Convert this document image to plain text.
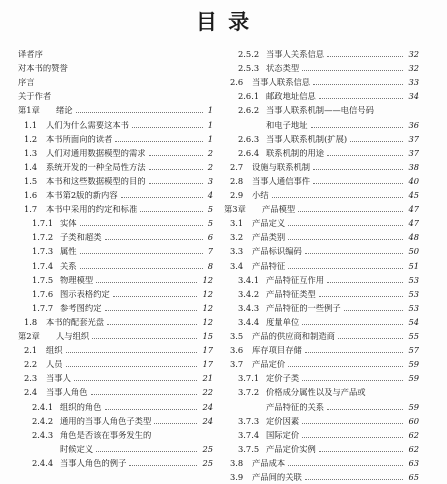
目 录
译者序
对本书的赞誉
序言
关于作者
第1章 绪论	1
1.1 人们为什么需要这本书	1
1.2 本书所面向的读者	1
1.3 人们对通用数据模型的需求	2
1.4 系统开发的一种全局性方法	2
1.5 本书和这些数据模型的目的	3
1.6 本书第2版的新内容	4
1.7 本书中采用的约定和标准	5
1.7.1 实体	5
1.7.2 子类和超类	6
1.7.3 属性	7
1.7.4 关系	8
1.7.5 物理模型	12
1.7.6 图示表格约定	12
1.7.7 参考图约定	12
1.8 本书的配套光盘	12
第2章 人与组织	15
2.1 组织	17
2.2 人员	17
2.3 当事人	21
2.4 当事人角色	22
2.4.1 组织的角色	24
2.4.2 通用的当事人角色子类型	24
2.4.3 角色是否该在事务发生的
时候定义	25
2.4.4 当事人角色的例子	25
2.5.2 当事人关系信息	32
2.5.3 状态类型	32
2.6 当事人联系信息	33
2.6.1 邮政地址信息	34
2.6.2 当事人联系机制——电信号码
和电子地址	36
2.6.3 当事人联系机制(扩展)	37
2.6.4 联系机制的用途	37
2.7 设施与联系机制	38
2.8 当事人通信事件	40
2.9 小结	45
第3章 产品模型	47
3.1 产品定义	47
3.2 产品类别	48
3.3 产品标识编码	50
3.4 产品特征	51
3.4.1 产品特征互作用	53
3.4.2 产品特征类型	53
3.4.3 产品特征的一些例子	53
3.4.4 度量单位	54
3.5 产品的供应商和制造商	55
3.6 库存项目存储	57
3.7 产品定价	59
3.7.1 定价子类	59
3.7.2 价格成分属性以及与产品或
产品特征的关系	59
3.7.3 定价因素	60
3.7.4 国际定价	62
3.7.5 产品定价实例	62
3.8 产品成本	63
3.9 产品间的关联	65
